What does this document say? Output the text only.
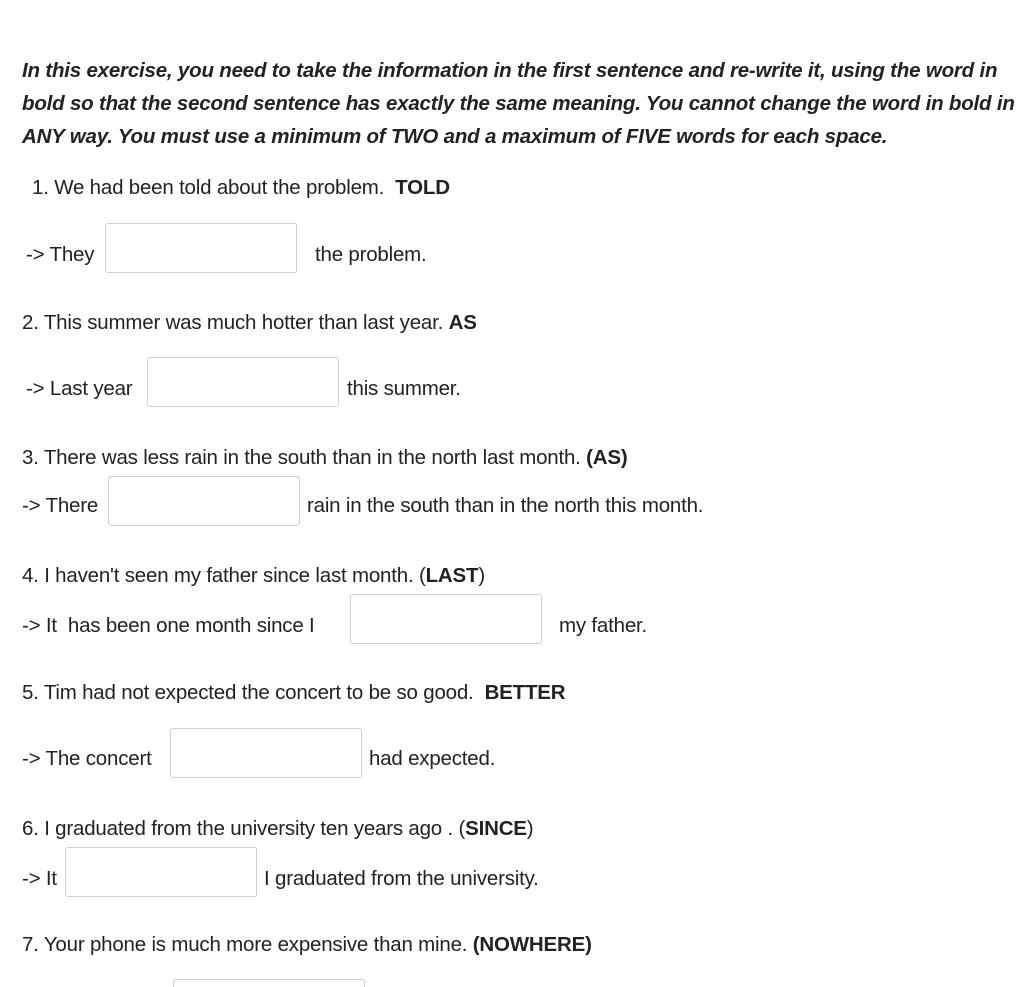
In this exercise, you need to take the information in the first sentence and re-write it, using the word in bold so that the second sentence has exactly the same meaning. You cannot change the word in bold in ANY way. You must use a minimum of TWO and a maximum of FIVE words for each space.
1. We had been told about the problem. TOLD
-> They	the problem.
2. This summer was much hotter than last year. AS
-> Last year	this summer.
3. There was less rain in the south than in the north last month. (AS)
-> There	rain in the south than in the north this month.
4. I haven't seen my father since last month. (LAST)
-> It  has been one month since I	my father.
5. Tim had not expected the concert to be so good. BETTER
-> The concert	had expected.
6. I graduated from the university ten years ago . (SINCE)
-> It	I graduated from the university.
7. Your phone is much more expensive than mine. (NOWHERE)
